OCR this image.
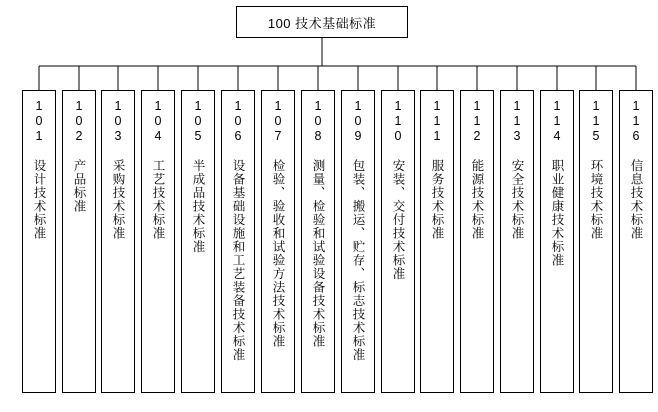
100 技术基础标准
101 设计技术标准 102 产品标准 103 采购技术标准 104 工艺技术标准 105 半成品技术标准 106 设备基础设施和工艺装备技术标准 107 检验、验收和试验方法技术标准 108 测量、检验和试验设备技术标准 109 包装、搬运、贮存、标志技术标准 110 安装、交付技术标准 111 服务技术标准 112 能源技术标准 113 安全技术标准 114 职业健康技术标准 115 环境技术标准 116 信息技术标准
